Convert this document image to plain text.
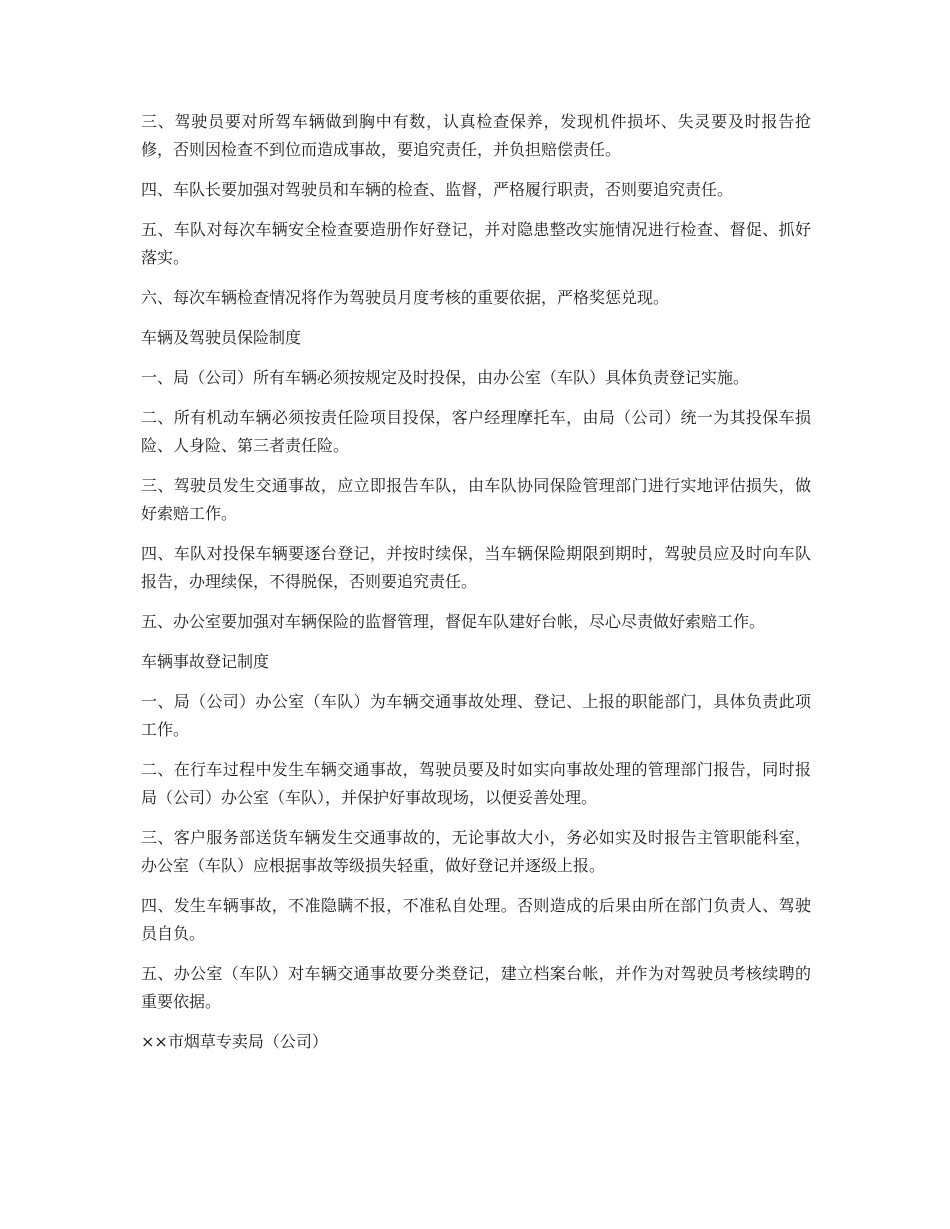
三、驾驶员要对所驾车辆做到胸中有数，认真检查保养，发现机件损坏、失灵要及时报告抢修，否则因检查不到位而造成事故，要追究责任，并负担赔偿责任。

四、车队长要加强对驾驶员和车辆的检查、监督，严格履行职责，否则要追究责任。

五、车队对每次车辆安全检查要造册作好登记，并对隐患整改实施情况进行检查、督促、抓好落实。

六、每次车辆检查情况将作为驾驶员月度考核的重要依据，严格奖惩兑现。

车辆及驾驶员保险制度

一、局（公司）所有车辆必须按规定及时投保，由办公室（车队）具体负责登记实施。

二、所有机动车辆必须按责任险项目投保，客户经理摩托车，由局（公司）统一为其投保车损险、人身险、第三者责任险。

三、驾驶员发生交通事故，应立即报告车队，由车队协同保险管理部门进行实地评估损失，做好索赔工作。

四、车队对投保车辆要逐台登记，并按时续保，当车辆保险期限到期时，驾驶员应及时向车队报告，办理续保，不得脱保，否则要追究责任。

五、办公室要加强对车辆保险的监督管理，督促车队建好台帐，尽心尽责做好索赔工作。

车辆事故登记制度

一、局（公司）办公室（车队）为车辆交通事故处理、登记、上报的职能部门，具体负责此项工作。

二、在行车过程中发生车辆交通事故，驾驶员要及时如实向事故处理的管理部门报告，同时报局（公司）办公室（车队），并保护好事故现场，以便妥善处理。

三、客户服务部送货车辆发生交通事故的，无论事故大小，务必如实及时报告主管职能科室，办公室（车队）应根据事故等级损失轻重，做好登记并逐级上报。

四、发生车辆事故，不准隐瞒不报，不准私自处理。否则造成的后果由所在部门负责人、驾驶员自负。

五、办公室（车队）对车辆交通事故要分类登记，建立档案台帐，并作为对驾驶员考核续聘的重要依据。

××市烟草专卖局（公司）
